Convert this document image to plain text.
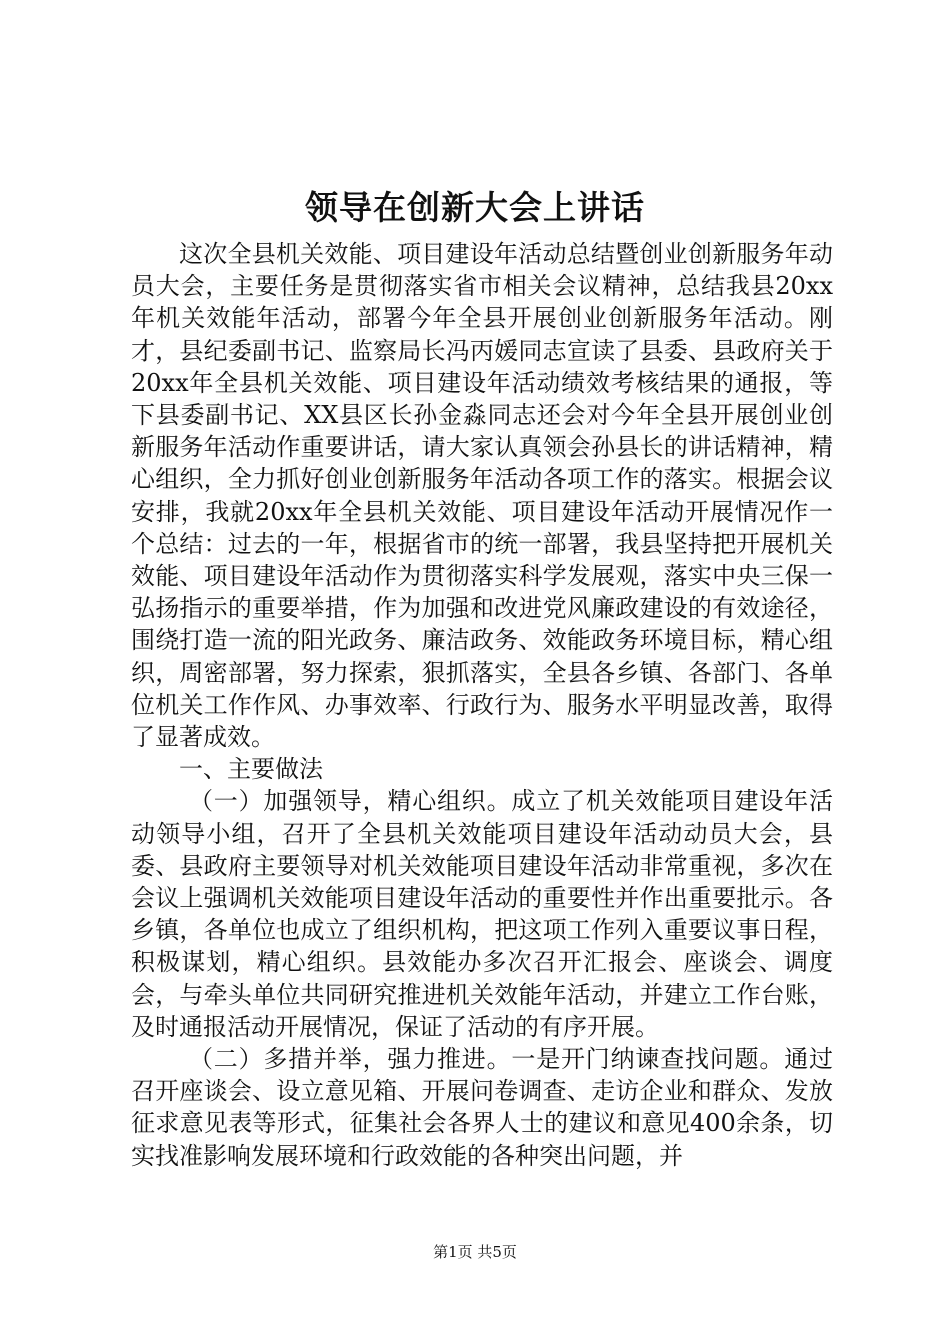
领导在创新大会上讲话

这次全县机关效能、项目建设年活动总结暨创业创新服务年动员大会，主要任务是贯彻落实省市相关会议精神，总结我县20xx年机关效能年活动，部署今年全县开展创业创新服务年活动。刚才，县纪委副书记、监察局长冯丙媛同志宣读了县委、县政府关于20xx年全县机关效能、项目建设年活动绩效考核结果的通报，等下县委副书记、XX县区长孙金淼同志还会对今年全县开展创业创新服务年活动作重要讲话，请大家认真领会孙县长的讲话精神，精心组织，全力抓好创业创新服务年活动各项工作的落实。根据会议安排，我就20xx年全县机关效能、项目建设年活动开展情况作一个总结：过去的一年，根据省市的统一部署，我县坚持把开展机关效能、项目建设年活动作为贯彻落实科学发展观，落实中央三保一弘扬指示的重要举措，作为加强和改进党风廉政建设的有效途径，围绕打造一流的阳光政务、廉洁政务、效能政务环境目标，精心组织，周密部署，努力探索，狠抓落实，全县各乡镇、各部门、各单位机关工作作风、办事效率、行政行为、服务水平明显改善，取得了显著成效。

一、主要做法

（一）加强领导，精心组织。成立了机关效能项目建设年活动领导小组，召开了全县机关效能项目建设年活动动员大会，县委、县政府主要领导对机关效能项目建设年活动非常重视，多次在会议上强调机关效能项目建设年活动的重要性并作出重要批示。各乡镇，各单位也成立了组织机构，把这项工作列入重要议事日程，积极谋划，精心组织。县效能办多次召开汇报会、座谈会、调度会，与牵头单位共同研究推进机关效能年活动，并建立工作台账，及时通报活动开展情况，保证了活动的有序开展。

（二）多措并举，强力推进。一是开门纳谏查找问题。通过召开座谈会、设立意见箱、开展问卷调查、走访企业和群众、发放征求意见表等形式，征集社会各界人士的建议和意见400余条，切实找准影响发展环境和行政效能的各种突出问题，并

第1页 共5页
